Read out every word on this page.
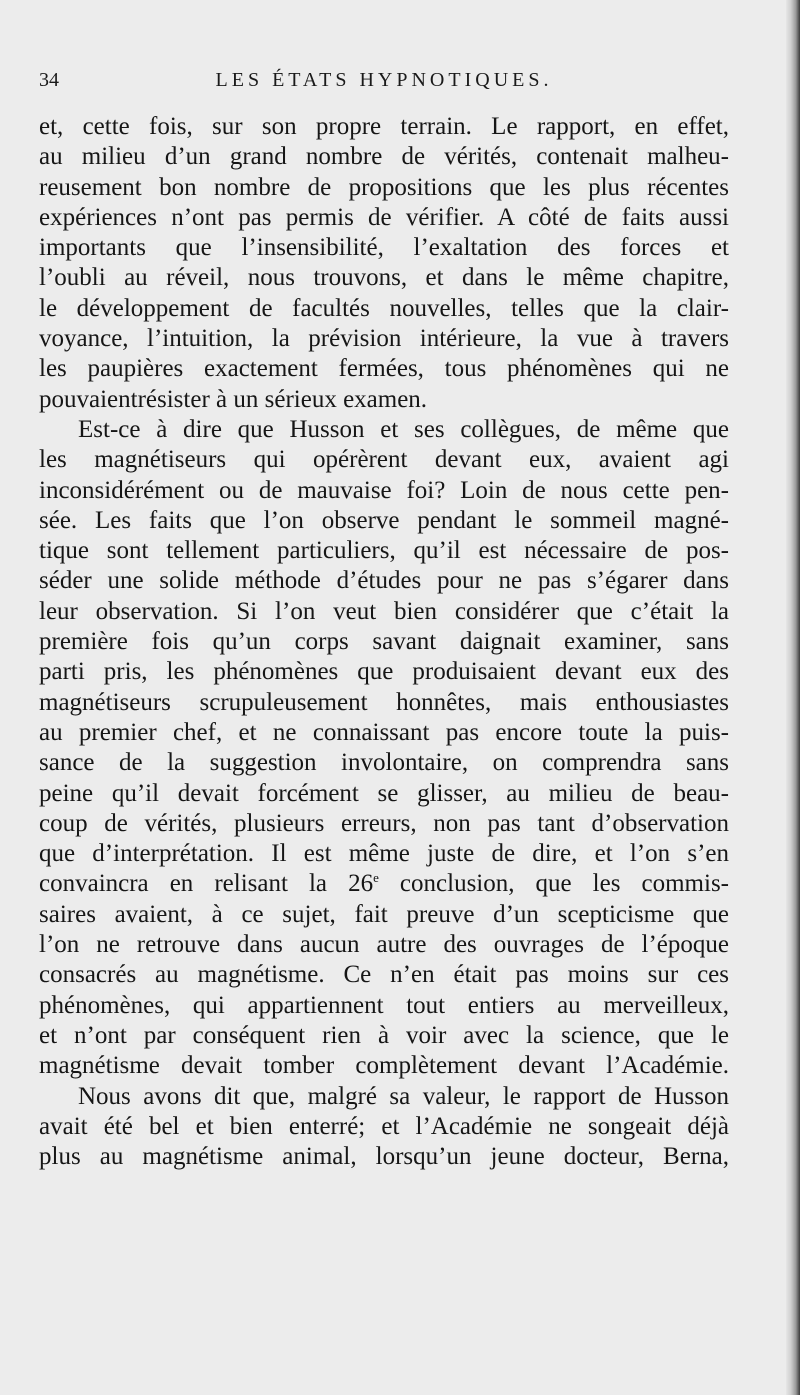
34	LES ÉTATS HYPNOTIQUES.
et, cette fois, sur son propre terrain. Le rapport, en effet,
au milieu d’un grand nombre de vérités, contenait malheu-
reusement bon nombre de propositions que les plus récentes
expériences n’ont pas permis de vérifier. A côté de faits aussi
importants que l’insensibilité, l’exaltation des forces et
l’oubli au réveil, nous trouvons, et dans le même chapitre,
le développement de facultés nouvelles, telles que la clair-
voyance, l’intuition, la prévision intérieure, la vue à travers
les paupières exactement fermées, tous phénomènes qui ne
pouvaientrésister à un sérieux examen.
Est-ce à dire que Husson et ses collègues, de même que
les magnétiseurs qui opérèrent devant eux, avaient agi
inconsidérément ou de mauvaise foi? Loin de nous cette pen-
sée. Les faits que l’on observe pendant le sommeil magné-
tique sont tellement particuliers, qu’il est nécessaire de pos-
séder une solide méthode d’études pour ne pas s’égarer dans
leur observation. Si l’on veut bien considérer que c’était la
première fois qu’un corps savant daignait examiner, sans
parti pris, les phénomènes que produisaient devant eux des
magnétiseurs scrupuleusement honnêtes, mais enthousiastes
au premier chef, et ne connaissant pas encore toute la puis-
sance de la suggestion involontaire, on comprendra sans
peine qu’il devait forcément se glisser, au milieu de beau-
coup de vérités, plusieurs erreurs, non pas tant d’observation
que d’interprétation. Il est même juste de dire, et l’on s’en
convaincra en relisant la 26e conclusion, que les commis-
saires avaient, à ce sujet, fait preuve d’un scepticisme que
l’on ne retrouve dans aucun autre des ouvrages de l’époque
consacrés au magnétisme. Ce n’en était pas moins sur ces
phénomènes, qui appartiennent tout entiers au merveilleux,
et n’ont par conséquent rien à voir avec la science, que le
magnétisme devait tomber complètement devant l’Académie.
Nous avons dit que, malgré sa valeur, le rapport de Husson
avait été bel et bien enterré; et l’Académie ne songeait déjà
plus au magnétisme animal, lorsqu’un jeune docteur, Berna,
